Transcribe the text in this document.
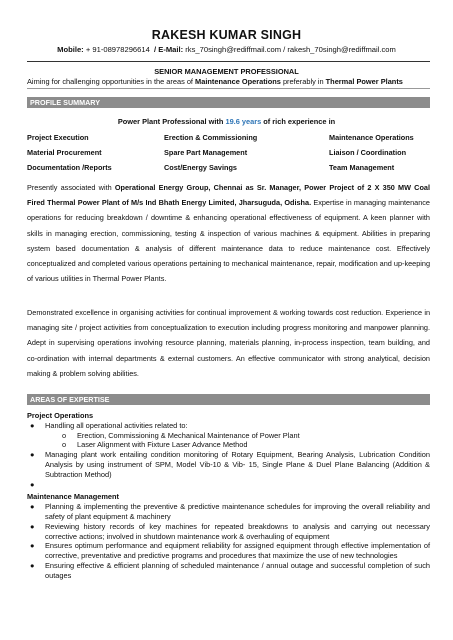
RAKESH KUMAR SINGH
Mobile: + 91-08978296614 / E-Mail: rks_70singh@rediffmail.com / rakesh_70singh@rediffmail.com
SENIOR MANAGEMENT PROFESSIONAL
Aiming for challenging opportunities in the areas of Maintenance Operations preferably in Thermal Power Plants
PROFILE SUMMARY
Power Plant Professional with 19.6 years of rich experience in
Project Execution	Erection & Commissioning	Maintenance Operations
Material Procurement	Spare Part Management	Liaison / Coordination
Documentation /Reports	Cost/Energy Savings	Team Management
Presently associated with Operational Energy Group, Chennai as Sr. Manager, Power Project of 2 X 350 MW Coal Fired Thermal Power Plant of M/s Ind Bhath Energy Limited, Jharsuguda, Odisha. Expertise in managing maintenance operations for reducing breakdown / downtime & enhancing operational effectiveness of equipment. A keen planner with skills in managing erection, commissioning, testing & inspection of various machines & equipment. Abilities in preparing system based documentation & analysis of different maintenance data to reduce maintenance cost. Effectively conceptualized and completed various operations pertaining to mechanical maintenance, repair, modification and up-keeping of various utilities in Thermal Power Plants.
Demonstrated excellence in organising activities for continual improvement & working towards cost reduction. Experience in managing site / project activities from conceptualization to execution including progress monitoring and manpower planning. Adept in supervising operations involving resource planning, materials planning, in-process inspection, team building, and co-ordination with internal departments & external customers. An effective communicator with strong analytical, decision making & problem solving abilities.
AREAS OF EXPERTISE
Project Operations
● Handling all operational activities related to:
o Erection, Commissioning & Mechanical Maintenance of Power Plant
o Laser Alignment with Fixture Laser Advance Method
● Managing plant work entailing condition monitoring of Rotary Equipment, Bearing Analysis, Lubrication Condition Analysis by using instrument of SPM, Model Vib-10 & Vib- 15, Single Plane & Duel Plane Balancing (Addition & Subtraction Method)
●

Maintenance Management
● Planning & implementing the preventive & predictive maintenance schedules for improving the overall reliability and safety of plant equipment & machinery
● Reviewing history records of key machines for repeated breakdowns to analysis and carrying out necessary corrective actions; involved in shutdown maintenance work & overhauling of equipment
● Ensures optimum performance and equipment reliability for assigned equipment through effective implementation of corrective, preventative and predictive programs and procedures that maximize the use of new technologies
● Ensuring effective & efficient planning of scheduled maintenance / annual outage and successful completion of such outages
